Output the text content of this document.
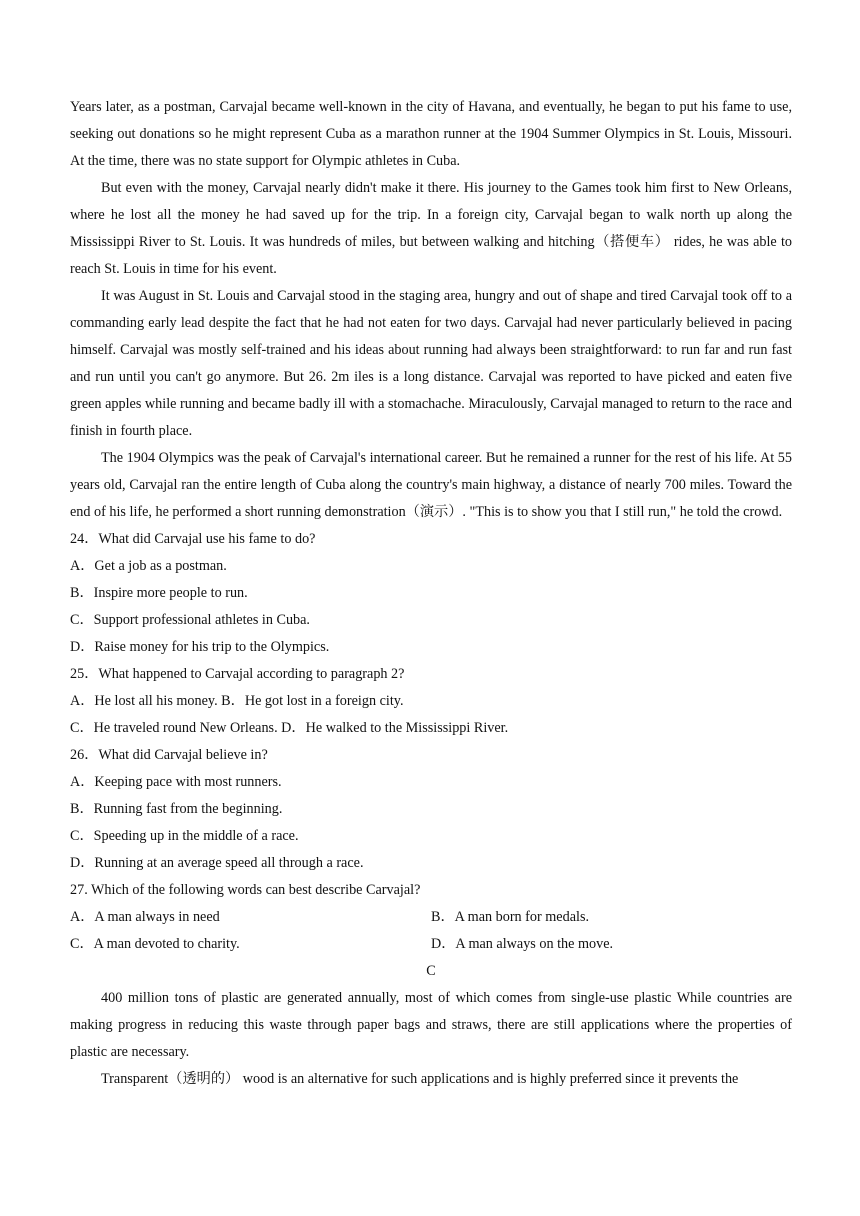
Years later, as a postman, Carvajal became well-known in the city of Havana, and eventually, he began to put his fame to use, seeking out donations so he might represent Cuba as a marathon runner at the 1904 Summer Olympics in St. Louis, Missouri. At the time, there was no state support for Olympic athletes in Cuba.

But even with the money, Carvajal nearly didn't make it there. His journey to the Games took him first to New Orleans, where he lost all the money he had saved up for the trip. In a foreign city, Carvajal began to walk north up along the Mississippi River to St. Louis. It was hundreds of miles, but between walking and hitching（搭便车） rides, he was able to reach St. Louis in time for his event.

It was August in St. Louis and Carvajal stood in the staging area, hungry and out of shape and tired Carvajal took off to a commanding early lead despite the fact that he had not eaten for two days. Carvajal had never particularly believed in pacing himself. Carvajal was mostly self-trained and his ideas about running had always been straightforward: to run far and run fast and run until you can't go anymore. But 26. 2m iles is a long distance. Carvajal was reported to have picked and eaten five green apples while running and became badly ill with a stomachache. Miraculously, Carvajal managed to return to the race and finish in fourth place.

The 1904 Olympics was the peak of Carvajal's international career. But he remained a runner for the rest of his life. At 55 years old, Carvajal ran the entire length of Cuba along the country's main highway, a distance of nearly 700 miles. Toward the end of his life, he performed a short running demonstration（演示）. "This is to show you that I still run," he told the crowd.

24．What did Carvajal use his fame to do?

A．Get a job as a postman.

B．Inspire more people to run.

C．Support professional athletes in Cuba.

D．Raise money for his trip to the Olympics.

25．What happened to Carvajal according to paragraph 2?

A．He lost all his money. B．He got lost in a foreign city.

C．He traveled round New Orleans. D．He walked to the Mississippi River.

26．What did Carvajal believe in?

A．Keeping pace with most runners.

B．Running fast from the beginning.

C．Speeding up in the middle of a race.

D．Running at an average speed all through a race.

27. Which of the following words can best describe Carvajal?

A．A man always in need	B．A man born for medals.
C．A man devoted to charity.	D．A man always on the move.

C

400 million tons of plastic are generated annually, most of which comes from single-use plastic While countries are making progress in reducing this waste through paper bags and straws, there are still applications where the properties of plastic are necessary.

Transparent（透明的） wood is an alternative for such applications and is highly preferred since it prevents the
